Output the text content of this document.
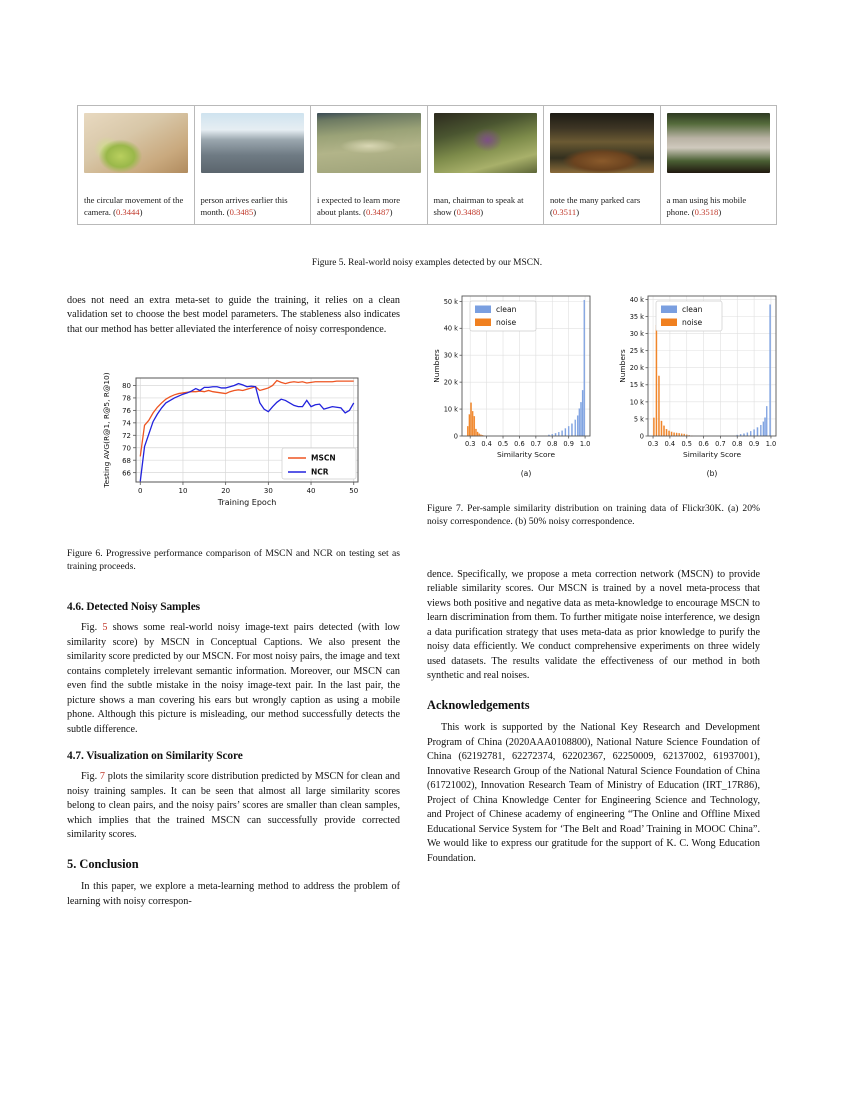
the circular movement of the camera. (0.3444)
person arrives earlier this month. (0.3485)
i expected to learn more about plants. (0.3487)
man, chairman to speak at show (0.3488)
note the many parked cars (0.3511)
a man using his mobile phone. (0.3518)
Figure 5. Real-world noisy examples detected by our MSCN.

does not need an extra meta-set to guide the training, it relies on a clean validation set to choose the best model parameters. The stableness also indicates that our method has better alleviated the interference of noisy correspondence.

0	10	20	30	40	50
66
68
70
72
74
76
78
80
MSCN
NCR
Training Epoch
Testing AVG(R@1, R@5, R@10)
Figure 6. Progressive performance comparison of MSCN and NCR on testing set as training proceeds.
4.6. Detected Noisy Samples

Fig. 5 shows some real-world noisy image-text pairs detected (with low similarity score) by MSCN in Conceptual Captions. We also present the similarity score predicted by our MSCN. For most noisy pairs, the image and text contains completely irrelevant semantic information. Moreover, our MSCN can even find the subtle mistake in the noisy image-text pair. In the last pair, the picture shows a man covering his ears but wrongly caption as using a mobile phone. Although this picture is misleading, our method successfully detects the subtle difference.

4.7. Visualization on Similarity Score

Fig. 7 plots the similarity score distribution predicted by MSCN for clean and noisy training samples. It can be seen that almost all large similarity scores belong to clean pairs, and the noisy pairs’ scores are smaller than clean samples, which implies that the trained MSCN can successfully provide corrected similarity scores.

5. Conclusion

In this paper, we explore a meta-learning method to address the problem of learning with noisy correspon-

0.3 0.4 0.5 0.6 0.7 0.8 0.9 1.0
0
10 k
20 k
30 k
40 k
50 k
Similarity Score
Numbers
clean
noise
(a)
0.3 0.4 0.5 0.6 0.7 0.8 0.9 1.0
0
5 k
10 k
15 k
20 k
25 k
30 k
35 k
40 k
Similarity Score
Numbers
clean
noise
(b)
Figure 7. Per-sample similarity distribution on training data of Flickr30K. (a) 20% noisy correspondence. (b) 50% noisy correspondence.

dence. Specifically, we propose a meta correction network (MSCN) to provide reliable similarity scores. Our MSCN is trained by a novel meta-process that views both positive and negative data as meta-knowledge to encourage MSCN to learn discrimination from them. To further mitigate noise interference, we design a data purification strategy that uses meta-data as prior knowledge to purify the noisy data efficiently. We conduct comprehensive experiments on three widely used datasets. The results validate the effectiveness of our method in both synthetic and real noises.

Acknowledgements

This work is supported by the National Key Research and Development Program of China (2020AAA0108800), National Nature Science Foundation of China (62192781, 62272374, 62202367, 62250009, 62137002, 61937001), Innovative Research Group of the National Natural Science Foundation of China (61721002), Innovation Research Team of Ministry of Education (IRT_17R86), Project of China Knowledge Center for Engineering Science and Technology, and Project of Chinese academy of engineering “The Online and Offline Mixed Educational Service System for ‘The Belt and Road’ Training in MOOC China”. We would like to express our gratitude for the support of K. C. Wong Education Foundation.
